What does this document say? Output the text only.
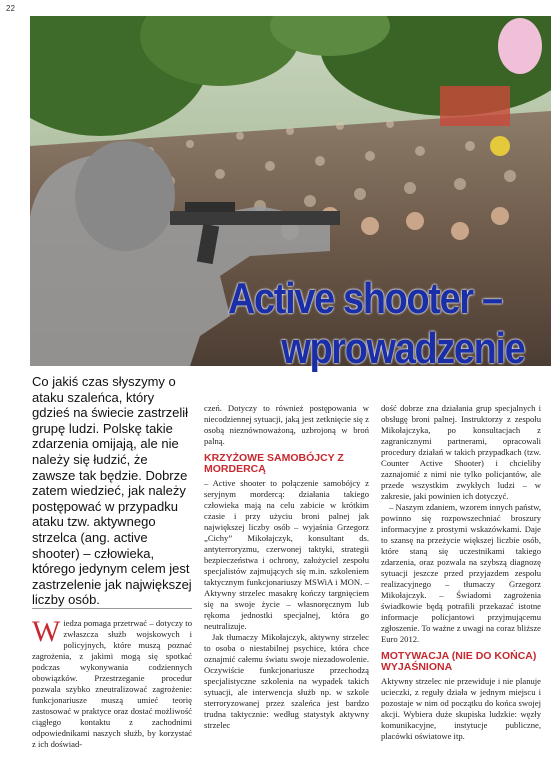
22
Active shooter –
wprowadzenie
Co jakiś czas słyszymy o ataku szaleńca, który gdzieś na świecie zastrzelił grupę ludzi. Polskę takie zdarzenia omijają, ale nie należy się łudzić, że zawsze tak będzie. Dobrze zatem wiedzieć, jak należy postępować w przypadku ataku tzw. aktywnego strzelca (ang. active shooter) – człowieka, którego jedynym celem jest zastrzelenie jak największej liczby osób.

Wiedza pomaga przetrwać – dotyczy to zwłaszcza służb wojskowych i policyjnych, które muszą poznać zagrożenia, z jakimi mogą się spotkać podczas wykonywania codziennych obowiązków. Przestrzeganie procedur pozwala szybko zneutralizować zagrożenie: funkcjonariusze muszą umieć teorię zastosować w praktyce oraz dostać możliwość ciągłego kontaktu z zachodnimi odpowiednikami naszych służb, by korzystać z ich doświad-

czeń. Dotyczy to również postępowania w niecodziennej sytuacji, jaką jest zetknięcie się z osobą nieznównoważoną, uzbrojoną w broń palną.

KRZYŻOWE SAMOBÓJCY Z MORDERCĄ

– Active shooter to połączenie samobójcy z seryjnym mordercą: działania takiego człowieka mają na celu zabicie w krótkim czasie i przy użyciu broni palnej jak największej liczby osób – wyjaśnia Grzegorz „Cichy” Mikołajczyk, konsultant ds. antyterroryzmu, czerwonej taktyki, strategii bezpieczeństwa i ochrony, założyciel zespołu specjalistów zajmujących się m.in. szkoleniem taktycznym funkcjonariuszy MSWiA i MON. – Aktywny strzelec masakrę kończy targnięciem się na swoje życie – własnoręcznym lub rękoma jednostki specjalnej, która go neutralizuje.

Jak tłumaczy Mikołajczyk, aktywny strzelec to osoba o niestabilnej psychice, która chce oznajmić całemu światu swoje niezadowolenie. Oczywiście funkcjonariusze przechodzą specjalistyczne szkolenia na wypadek takich sytuacji, ale interwencja służb np. w szkole sterroryzowanej przez szaleńca jest bardzo trudna taktycznie: według statystyk aktywny strzelec

dość dobrze zna działania grup specjalnych i obsługę broni palnej. Instruktorzy z zespołu Mikołajczyka, po konsultacjach z zagranicznymi partnerami, opracowali procedury działań w takich przypadkach (tzw. Counter Active Shooter) i chcieliby zaznajomić z nimi nie tylko policjantów, ale przede wszystkim zwykłych ludzi – w zakresie, jaki powinien ich dotyczyć.

– Naszym zdaniem, wzorem innych państw, powinno się rozpowszechniać broszury informacyjne z prostymi wskazówkami. Daje to szansę na przeżycie większej liczbie osób, które staną się uczestnikami takiego zdarzenia, oraz pozwala na szybszą diagnozę sytuacji jeszcze przed przyjazdem zespołu realizacyjnego – tłumaczy Grzegorz Mikołajczyk. – Świadomi zagrożenia świadkowie będą potrafili przekazać istotne informacje policjantowi przyjmującemu zgłoszenie. To ważne z uwagi na coraz bliższe Euro 2012.

MOTYWACJA (NIE DO KOŃCA) WYJAŚNIONA

Aktywny strzelec nie przewiduje i nie planuje ucieczki, z reguły działa w jednym miejscu i pozostaje w nim od początku do końca swojej akcji. Wybiera duże skupiska ludzkie: węzły komunikacyjne, instytucje publiczne, placówki oświatowe itp.
